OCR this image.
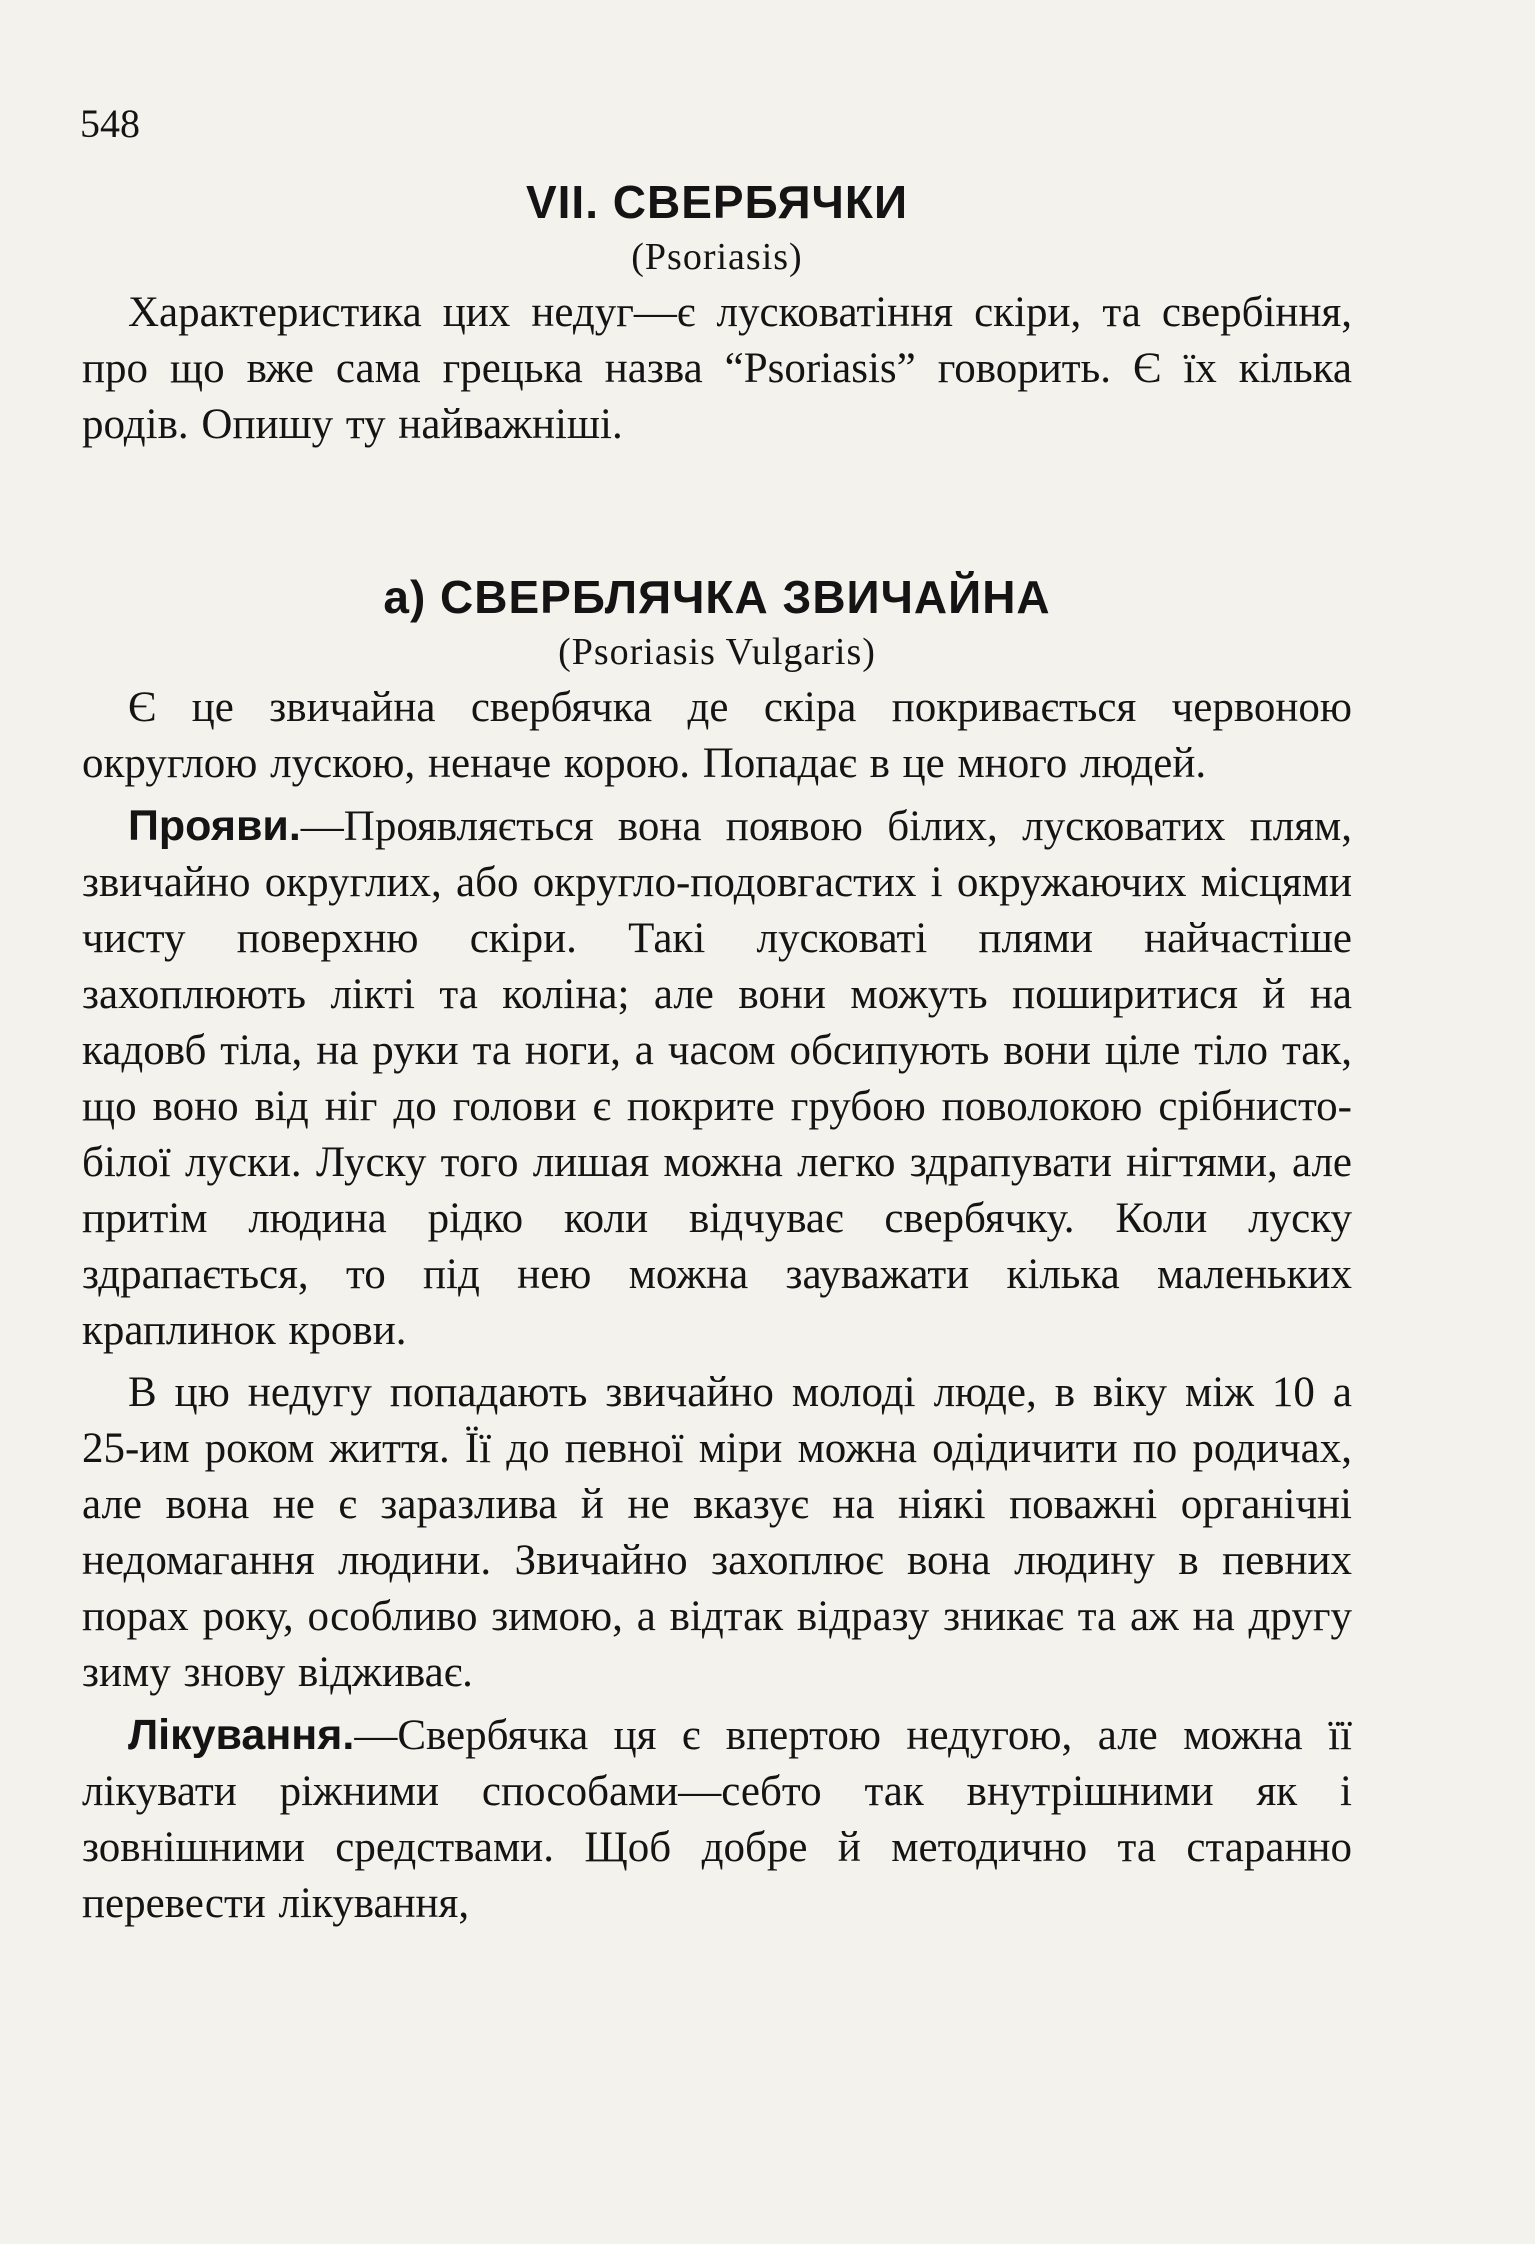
548
VII. СВЕРБЯЧКИ
(Psoriasis)

Характеристика цих недуг—є лусковатіння скіри, та свербіння, про що вже сама грецька назва “Psoriasis” говорить. Є їх кілька родів. Опишу ту найважніші.

а) СВЕРБЛЯЧКА ЗВИЧАЙНА
(Psoriasis Vulgaris)

Є це звичайна свербячка де скіра покривається червоною округлою лускою, неначе корою. Попадає в це много людей.

Прояви.—Проявляється вона появою білих, лусковатих плям, звичайно округлих, або округло-подовгастих і окружаючих місцями чисту поверхню скіри. Такі лусковаті плями найчастіше захоплюють лікті та коліна; але вони можуть поширитися й на кадовб тіла, на руки та ноги, а часом обсипують вони ціле тіло так, що воно від ніг до голови є покрите грубою поволокою срібнисто-білої луски. Луску того лишая можна легко здрапувати нігтями, але притім людина рідко коли відчуває свербячку. Коли луску здрапається, то під нею можна зауважати кілька маленьких краплинок крови.

В цю недугу попадають звичайно молоді люде, в віку між 10 а 25-им роком життя. Її до певної міри можна одідичити по родичах, але вона не є заразлива й не вказує на ніякі поважні органічні недомагання людини. Звичайно захоплює вона людину в певних порах року, особливо зимою, а відтак відразу зникає та аж на другу зиму знову відживає.

Лікування.—Свербячка ця є впертою недугою, але можна її лікувати ріжними способами—себто так внутрішними як і зовнішними средствами. Щоб добре й методично та старанно перевести лікування,
